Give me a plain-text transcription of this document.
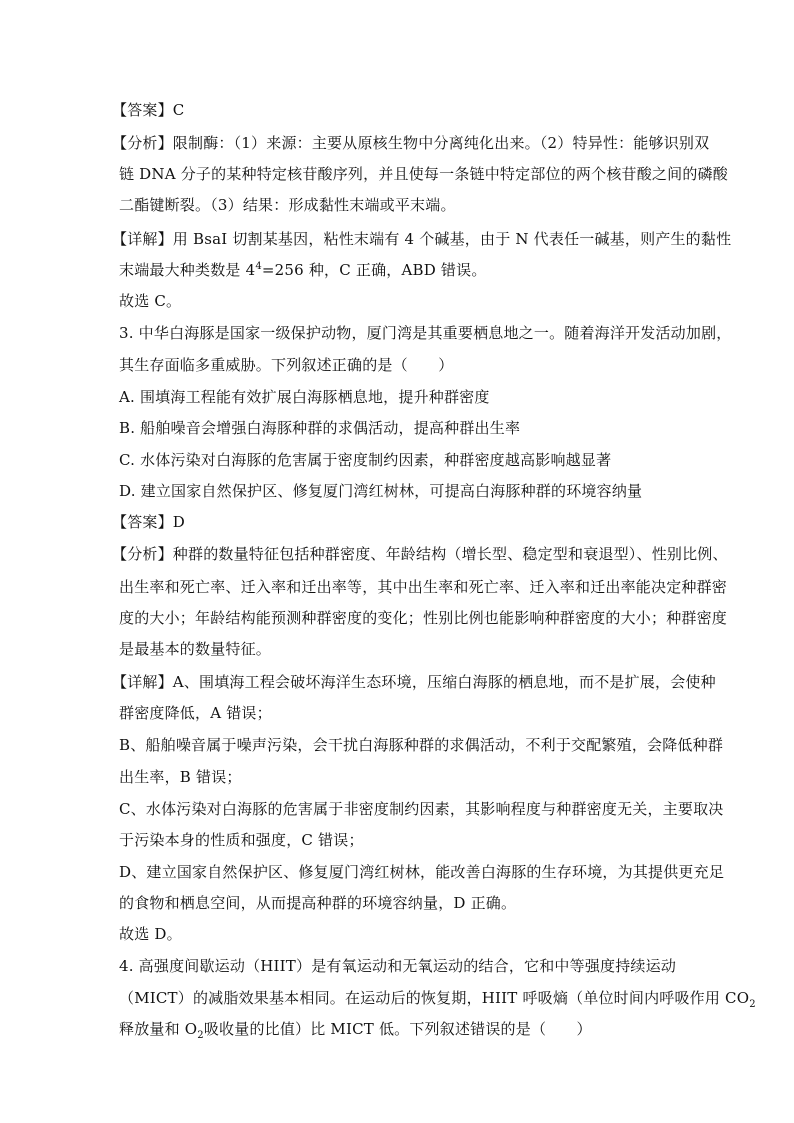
【答案】C
【分析】限制酶：（1）来源：主要从原核生物中分离纯化出来。（2）特异性：能够识别双
链 DNA 分子的某种特定核苷酸序列，并且使每一条链中特定部位的两个核苷酸之间的磷酸
二酯键断裂。（3）结果：形成黏性末端或平末端。
【详解】用 BsaI 切割某基因，粘性末端有 4 个碱基，由于 N 代表任一碱基，则产生的黏性
末端最大种类数是 $4^4=256$ 种，C 正确，ABD 错误。
故选 C。
3. 中华白海豚是国家一级保护动物，厦门湾是其重要栖息地之一。随着海洋开发活动加剧，
其生存面临多重威胁。下列叙述正确的是（　　）
A. 围填海工程能有效扩展白海豚栖息地，提升种群密度
B. 船舶噪音会增强白海豚种群的求偶活动，提高种群出生率
C. 水体污染对白海豚的危害属于密度制约因素，种群密度越高影响越显著
D. 建立国家自然保护区、修复厦门湾红树林，可提高白海豚种群的环境容纳量
【答案】D
【分析】种群的数量特征包括种群密度、年龄结构（增长型、稳定型和衰退型）、性别比例、
出生率和死亡率、迁入率和迁出率等，其中出生率和死亡率、迁入率和迁出率能决定种群密
度的大小；年龄结构能预测种群密度的变化；性别比例也能影响种群密度的大小；种群密度
是最基本的数量特征。
【详解】A、围填海工程会破坏海洋生态环境，压缩白海豚的栖息地，而不是扩展，会使种
群密度降低，A 错误；
B、船舶噪音属于噪声污染，会干扰白海豚种群的求偶活动，不利于交配繁殖，会降低种群
出生率，B 错误；
C、水体污染对白海豚的危害属于非密度制约因素，其影响程度与种群密度无关，主要取决
于污染本身的性质和强度，C 错误；
D、建立国家自然保护区、修复厦门湾红树林，能改善白海豚的生存环境，为其提供更充足
的食物和栖息空间，从而提高种群的环境容纳量，D 正确。
故选 D。
4. 高强度间歇运动（HIIT）是有氧运动和无氧运动的结合，它和中等强度持续运动
（MICT）的减脂效果基本相同。在运动后的恢复期，HIIT 呼吸熵（单位时间内呼吸作用 $CO_2$
释放量和 $O_2$吸收量的比值）比 MICT 低。下列叙述错误的是（　　）
